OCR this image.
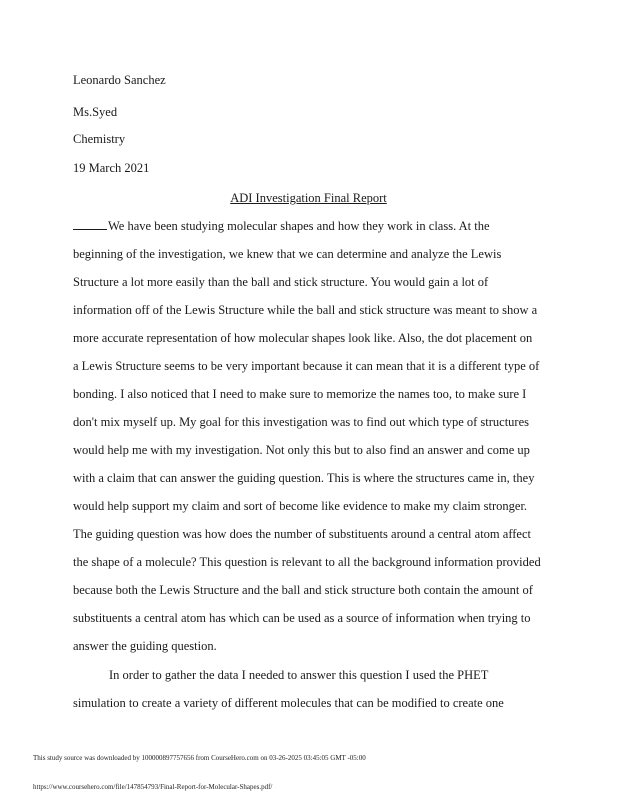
Leonardo Sanchez
Ms.Syed
Chemistry
19 March 2021
ADI Investigation Final Report
We have been studying molecular shapes and how they work in class. At the
beginning of the investigation, we knew that we can determine and analyze the Lewis
Structure a lot more easily than the ball and stick structure. You would gain a lot of
information off of the Lewis Structure while the ball and stick structure was meant to show a
more accurate representation of how molecular shapes look like. Also, the dot placement on
a Lewis Structure seems to be very important because it can mean that it is a different type of
bonding. I also noticed that I need to make sure to memorize the names too, to make sure I
don't mix myself up. My goal for this investigation was to find out which type of structures
would help me with my investigation. Not only this but to also find an answer and come up
with a claim that can answer the guiding question. This is where the structures came in, they
would help support my claim and sort of become like evidence to make my claim stronger.
The guiding question was how does the number of substituents around a central atom affect
the shape of a molecule? This question is relevant to all the background information provided
because both the Lewis Structure and the ball and stick structure both contain the amount of
substituents a central atom has which can be used as a source of information when trying to
answer the guiding question.
In order to gather the data I needed to answer this question I used the PHET
simulation to create a variety of different molecules that can be modified to create one
This study source was downloaded by 100000897757656 from CourseHero.com on 03-26-2025 03:45:05 GMT -05:00
https://www.coursehero.com/file/147854793/Final-Report-for-Molecular-Shapes.pdf/
